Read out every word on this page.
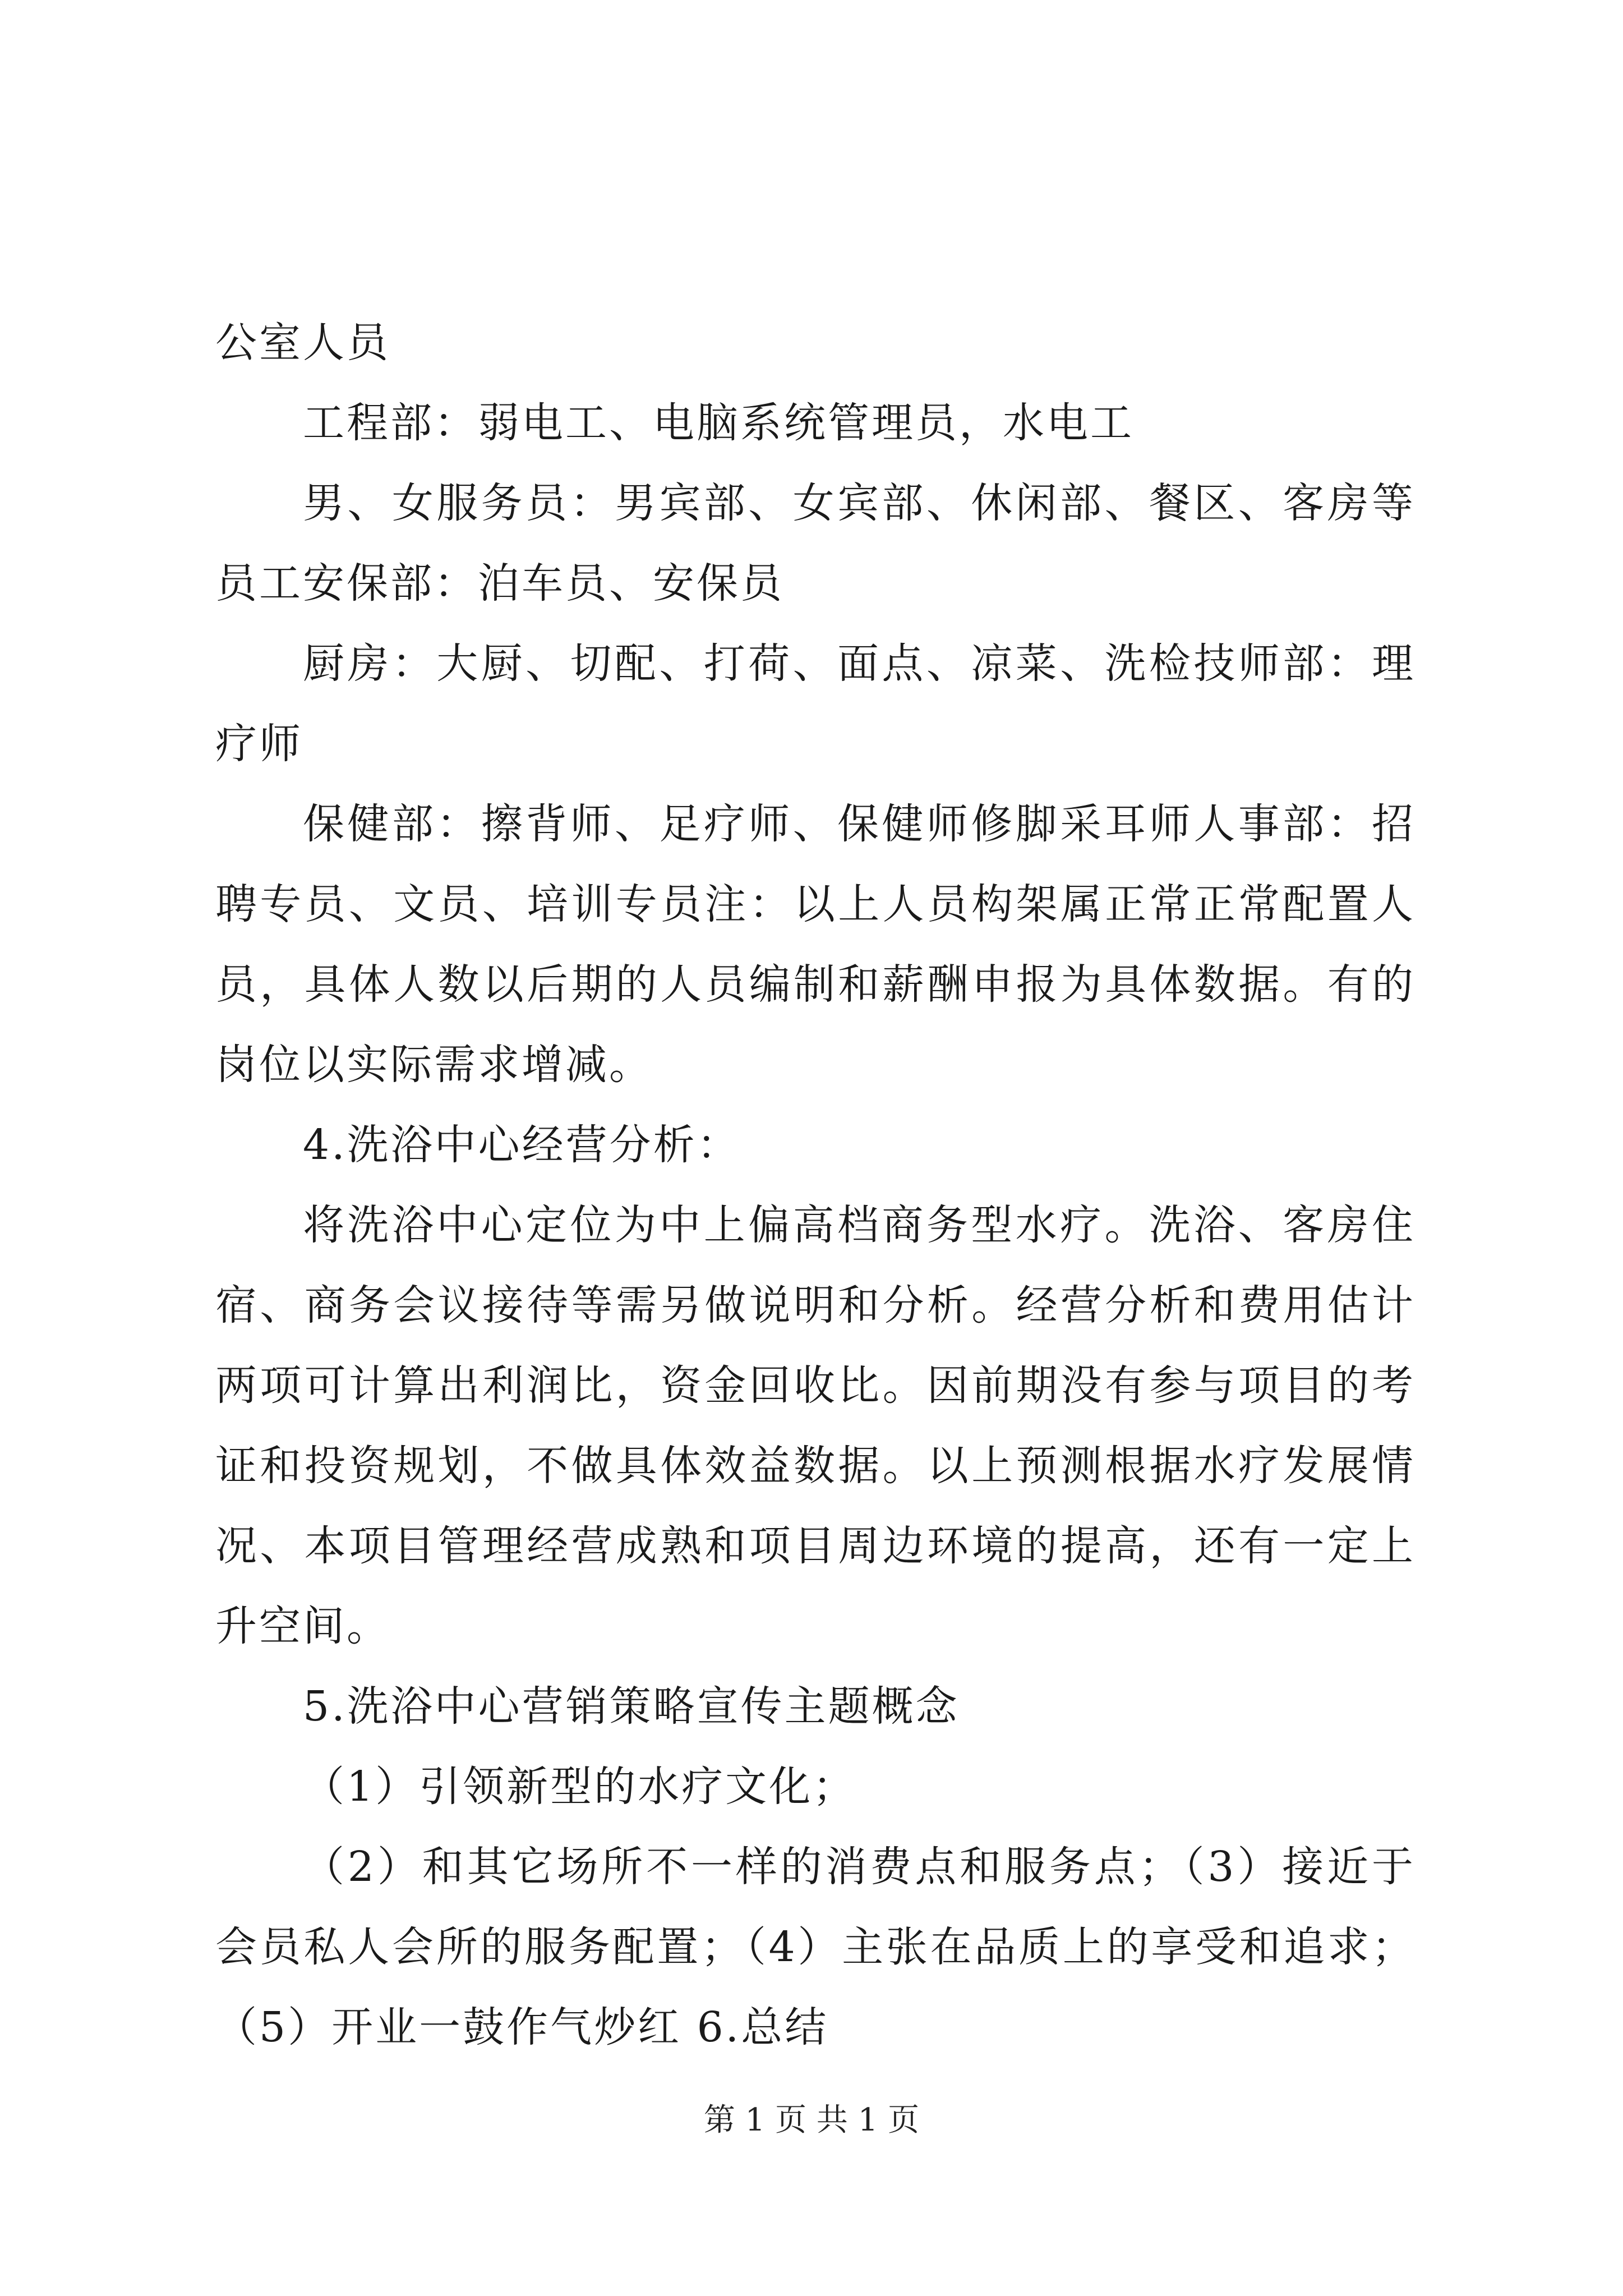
公室人员

工程部：弱电工、电脑系统管理员，水电工

男、女服务员：男宾部、女宾部、休闲部、餐区、客房等员工安保部：泊车员、安保员

厨房：大厨、切配、打荷、面点、凉菜、洗检技师部：理疗师

保健部：擦背师、足疗师、保健师修脚采耳师人事部：招聘专员、文员、培训专员注：以上人员构架属正常正常配置人员，具体人数以后期的人员编制和薪酬申报为具体数据。有的岗位以实际需求增减。

4.洗浴中心经营分析：

将洗浴中心定位为中上偏高档商务型水疗。洗浴、客房住宿、商务会议接待等需另做说明和分析。经营分析和费用估计两项可计算出利润比，资金回收比。因前期没有参与项目的考证和投资规划，不做具体效益数据。以上预测根据水疗发展情况、本项目管理经营成熟和项目周边环境的提高，还有一定上升空间。

5.洗浴中心营销策略宣传主题概念

（1）引领新型的水疗文化；

（2）和其它场所不一样的消费点和服务点；（3）接近于会员私人会所的服务配置；（4）主张在品质上的享受和追求；（5）开业一鼓作气炒红 6.总结

第 1 页 共 1 页
